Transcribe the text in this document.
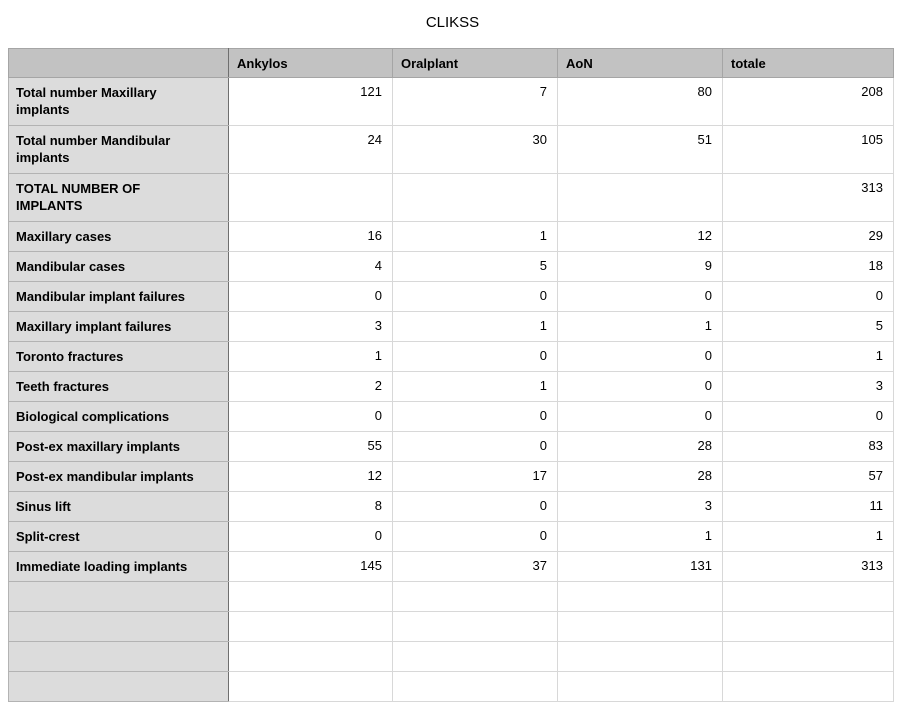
CLIKSS
	Ankylos	Oralplant	AoN	totale
Total number Maxillary implants	121	7	80	208
Total number Mandibular implants	24	30	51	105
TOTAL NUMBER OF IMPLANTS				313
Maxillary cases	16	1	12	29
Mandibular cases	4	5	9	18
Mandibular implant failures	0	0	0	0
Maxillary implant failures	3	1	1	5
Toronto fractures	1	0	0	1
Teeth fractures	2	1	0	3
Biological complications	0	0	0	0
Post-ex maxillary implants	55	0	28	83
Post-ex mandibular implants	12	17	28	57
Sinus lift	8	0	3	11
Split-crest	0	0	1	1
Immediate loading implants	145	37	131	313
